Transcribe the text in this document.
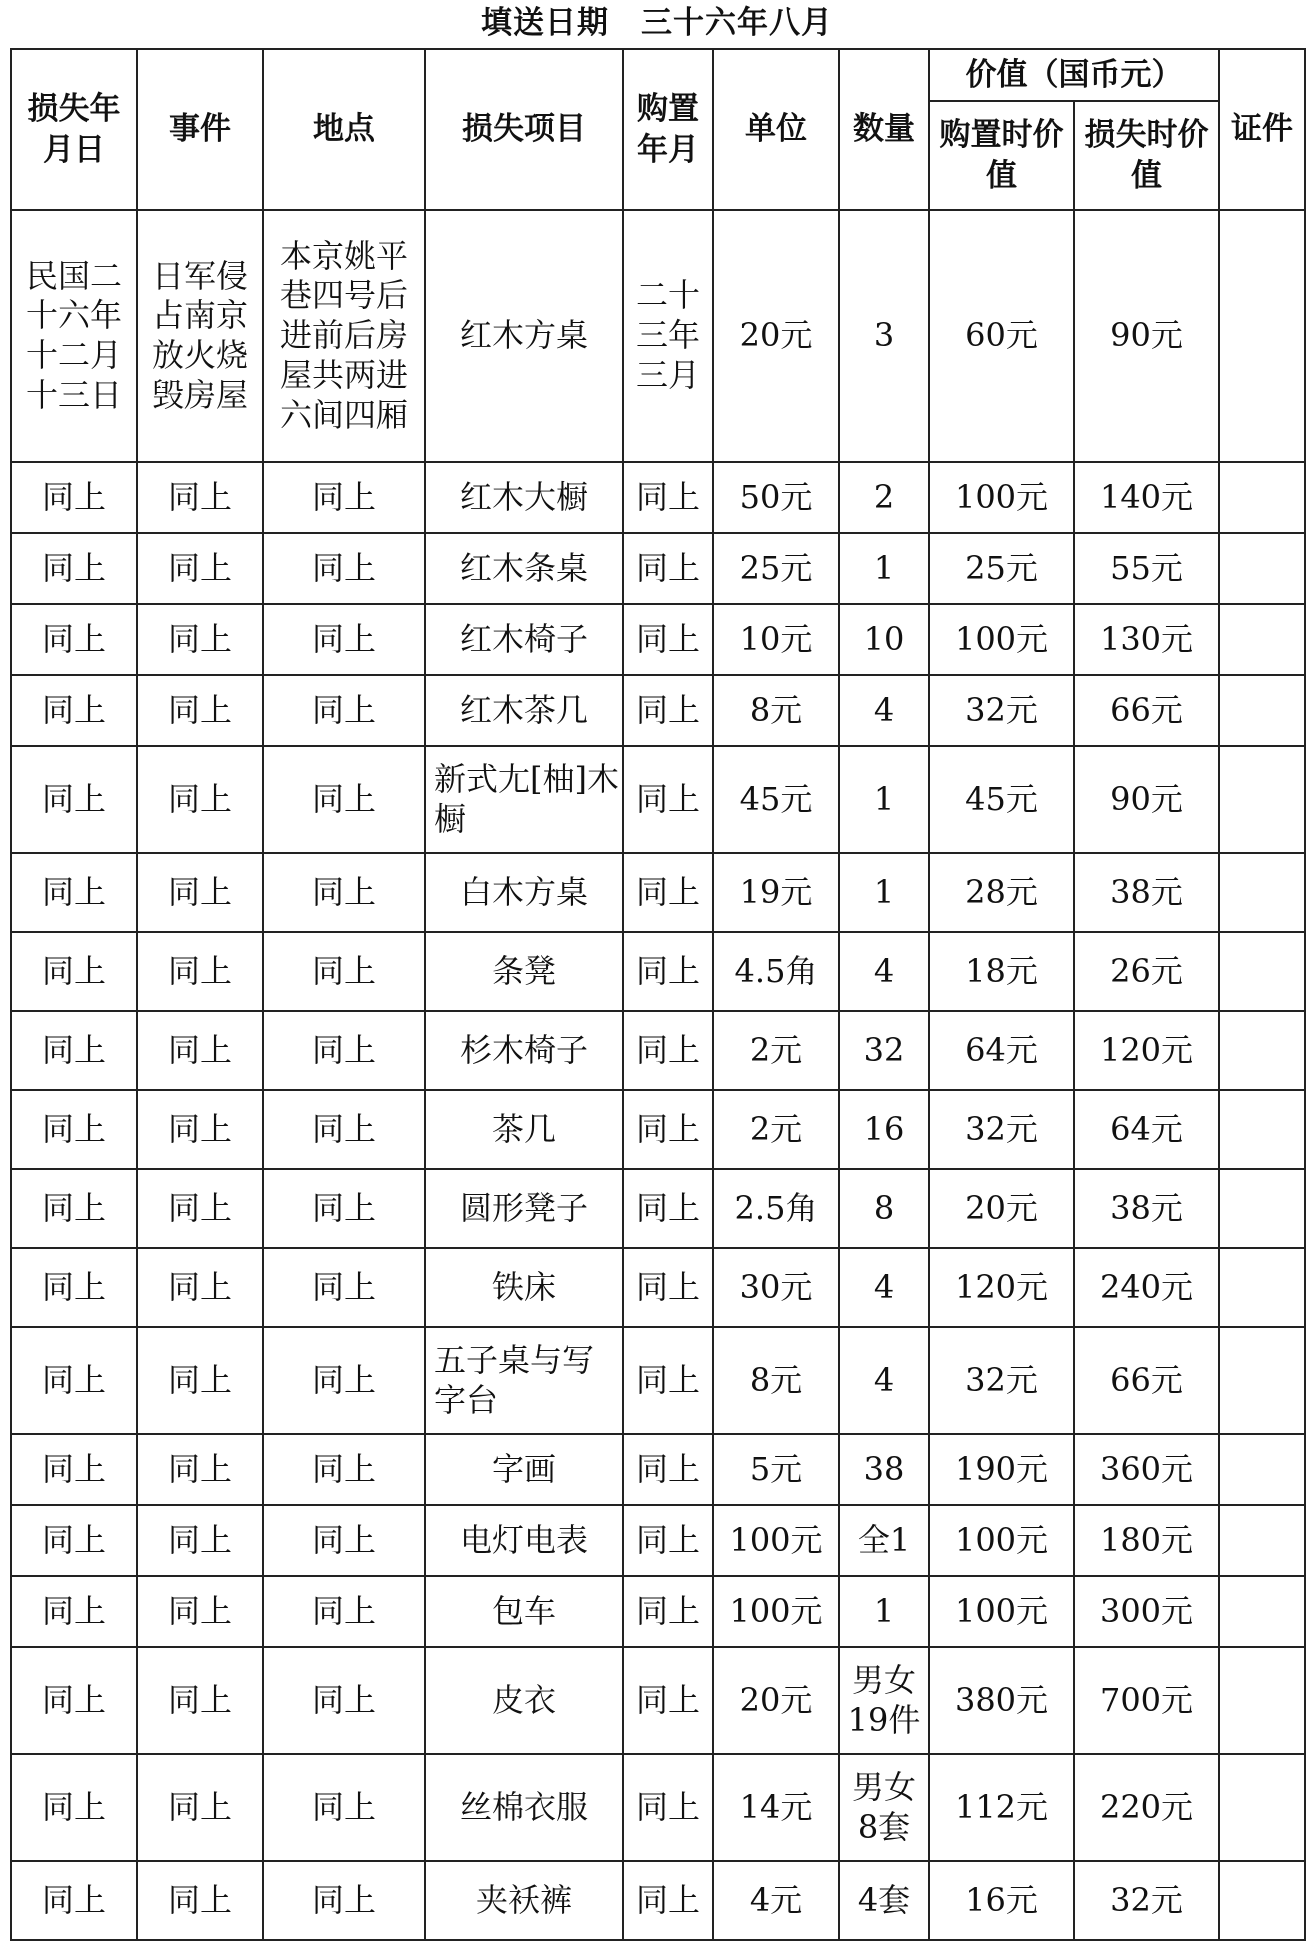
填送日期　三十六年八月
损失年月日	事件	地点	损失项目	购置年月	单位	数量	价值（国币元）		证件
							购置时价值	损失时价值	
民国二十六年十二月十三日	日军侵占南京放火烧毁房屋	本京姚平巷四号后进前后房屋共两进六间四厢	红木方桌	二十三年三月	20元	3	60元	90元	
同上	同上	同上	红木大橱	同上	50元	2	100元	140元	
同上	同上	同上	红木条桌	同上	25元	1	25元	55元	
同上	同上	同上	红木椅子	同上	10元	10	100元	130元	
同上	同上	同上	红木茶几	同上	8元	4	32元	66元	
同上	同上	同上	新式尢[柚]木橱	同上	45元	1	45元	90元	
同上	同上	同上	白木方桌	同上	19元	1	28元	38元	
同上	同上	同上	条凳	同上	4.5角	4	18元	26元	
同上	同上	同上	杉木椅子	同上	2元	32	64元	120元	
同上	同上	同上	茶几	同上	2元	16	32元	64元	
同上	同上	同上	圆形凳子	同上	2.5角	8	20元	38元	
同上	同上	同上	铁床	同上	30元	4	120元	240元	
同上	同上	同上	五子桌与写字台	同上	8元	4	32元	66元	
同上	同上	同上	字画	同上	5元	38	190元	360元	
同上	同上	同上	电灯电表	同上	100元	全1	100元	180元	
同上	同上	同上	包车	同上	100元	1	100元	300元	
同上	同上	同上	皮衣	同上	20元	男女19件	380元	700元	
同上	同上	同上	丝棉衣服	同上	14元	男女8套	112元	220元	
同上	同上	同上	夹袄裤	同上	4元	4套	16元	32元	
